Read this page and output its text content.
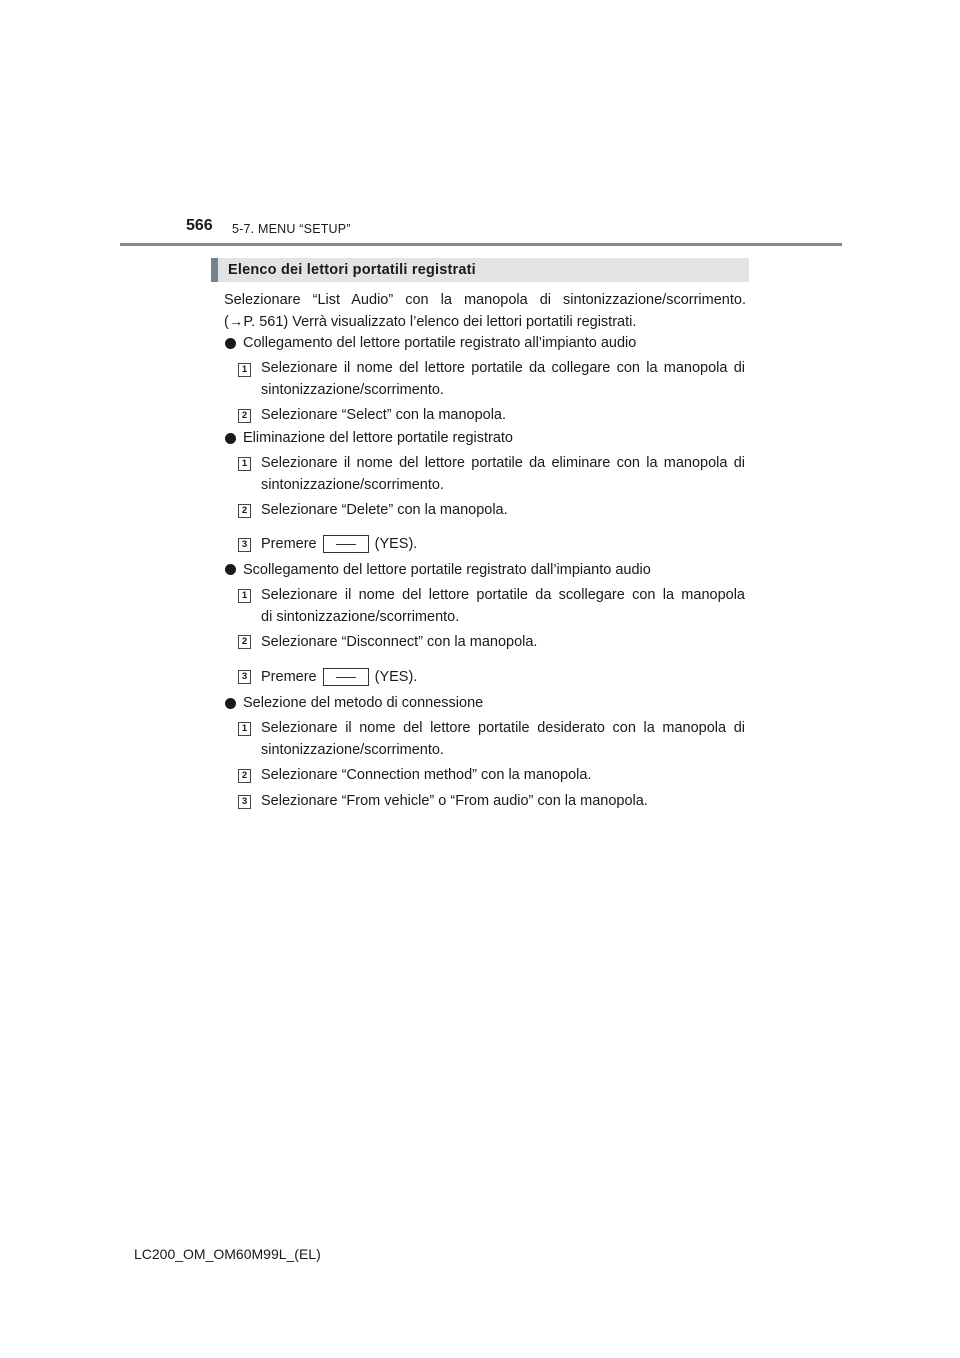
566 5-7. MENU “SETUP”
Elenco dei lettori portatili registrati
Selezionare “List Audio” con la manopola di sintonizzazione/scorrimento.
(→P. 561) Verrà visualizzato l’elenco dei lettori portatili registrati.
Collegamento del lettore portatile registrato all’impianto audio
1 Selezionare il nome del lettore portatile da collegare con la manopola di
sintonizzazione/scorrimento.
2 Selezionare “Select” con la manopola.
Eliminazione del lettore portatile registrato
1 Selezionare il nome del lettore portatile da eliminare con la manopola di
sintonizzazione/scorrimento.
2 Selezionare “Delete” con la manopola.
3 Premere	(YES).
Scollegamento del lettore portatile registrato dall’impianto audio
1 Selezionare il nome del lettore portatile da scollegare con la manopola
di sintonizzazione/scorrimento.
2 Selezionare “Disconnect” con la manopola.
3 Premere	(YES).
Selezione del metodo di connessione
1 Selezionare il nome del lettore portatile desiderato con la manopola di
sintonizzazione/scorrimento.
2 Selezionare “Connection method” con la manopola.
3 Selezionare “From vehicle” o “From audio” con la manopola.
LC200_OM_OM60M99L_(EL)
